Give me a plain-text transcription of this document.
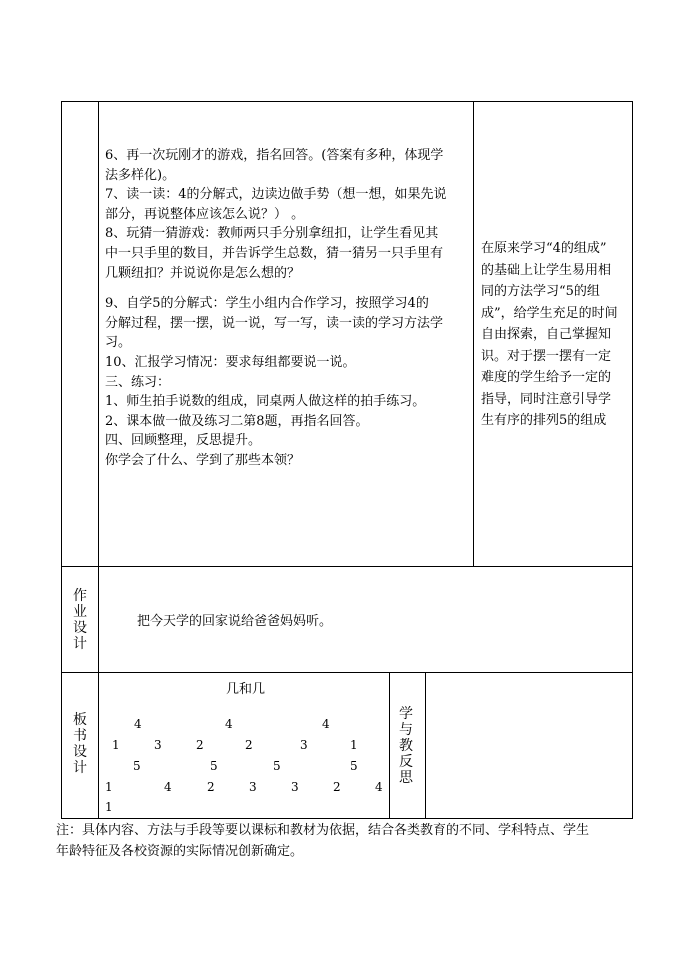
6、再一次玩刚才的游戏，指名回答。(答案有多种，体现学
法多样化)。
7、读一读：4的分解式，边读边做手势（想一想，如果先说
部分，再说整体应该怎么说？） 。
8、玩猜一猜游戏：教师两只手分别拿纽扣，让学生看见其
中一只手里的数目，并告诉学生总数，猜一猜另一只手里有
几颗纽扣？并说说你是怎么想的？
9、自学5的分解式：学生小组内合作学习，按照学习4的
分解过程，摆一摆，说一说，写一写，读一读的学习方法学
习。
10、汇报学习情况：要求每组都要说一说。
三、练习：
1、师生拍手说数的组成，同桌两人做这样的拍手练习。
2、课本做一做及练习二第8题，再指名回答。
四、回顾整理，反思提升。
你学会了什么、学到了那些本领？
在原来学习“4的组成”
的基础上让学生易用相
同的方法学习“5的组
成”，给学生充足的时间
自由探索，自己掌握知
识。对于摆一摆有一定
难度的学生给予一定的
指导，同时注意引导学
生有序的排列5的组成
作
业
设
计
把今天学的回家说给爸爸妈妈听。
板
书
设
计
几和几
4	4	4
1	3	2	2	3	1
5	5	5	5
1	4	2	3	3	2	4
1
学
与
教
反
思
注：具体内容、方法与手段等要以课标和教材为依据，结合各类教育的不同、学科特点、学生
年龄特征及各校资源的实际情况创新确定。
